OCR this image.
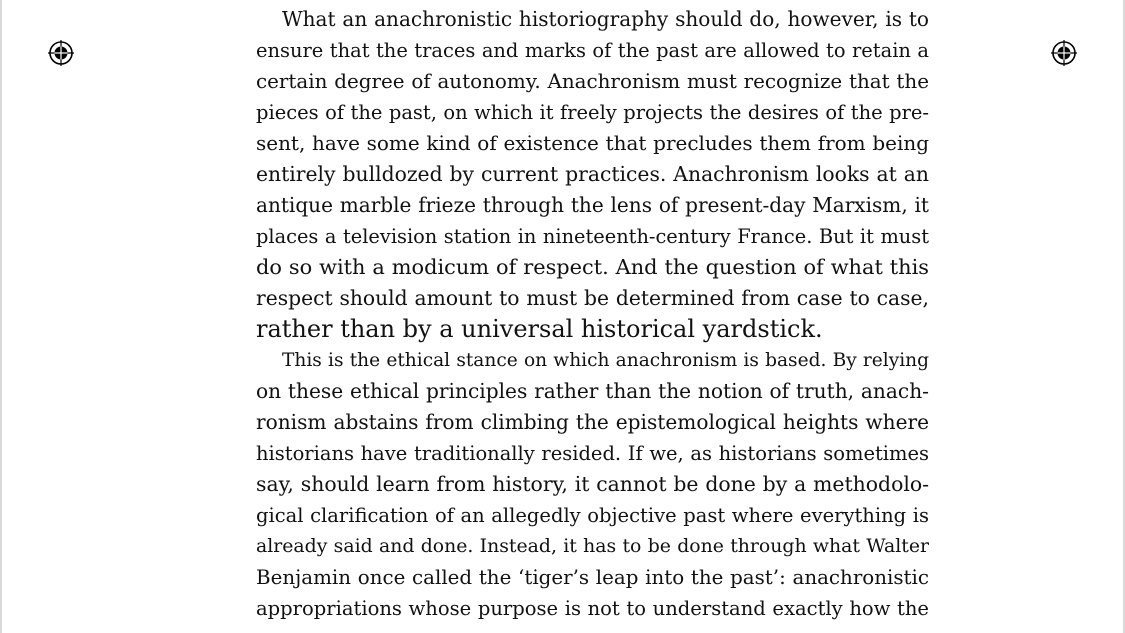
What an anachronistic historiography should do, however, is to
ensure that the traces and marks of the past are allowed to retain a
certain degree of autonomy. Anachronism must recognize that the
pieces of the past, on which it freely projects the desires of the pre-
sent, have some kind of existence that precludes them from being
entirely bulldozed by current practices. Anachronism looks at an
antique marble frieze through the lens of present-day Marxism, it
places a television station in nineteenth-century France. But it must
do so with a modicum of respect. And the question of what this
respect should amount to must be determined from case to case,
rather than by a universal historical yardstick.

This is the ethical stance on which anachronism is based. By relying
on these ethical principles rather than the notion of truth, anach-
ronism abstains from climbing the epistemological heights where
historians have traditionally resided. If we, as historians sometimes
say, should learn from history, it cannot be done by a methodolo-
gical clarification of an allegedly objective past where everything is
already said and done. Instead, it has to be done through what Walter
Benjamin once called the ‘tiger’s leap into the past’: anachronistic
appropriations whose purpose is not to understand exactly how the
